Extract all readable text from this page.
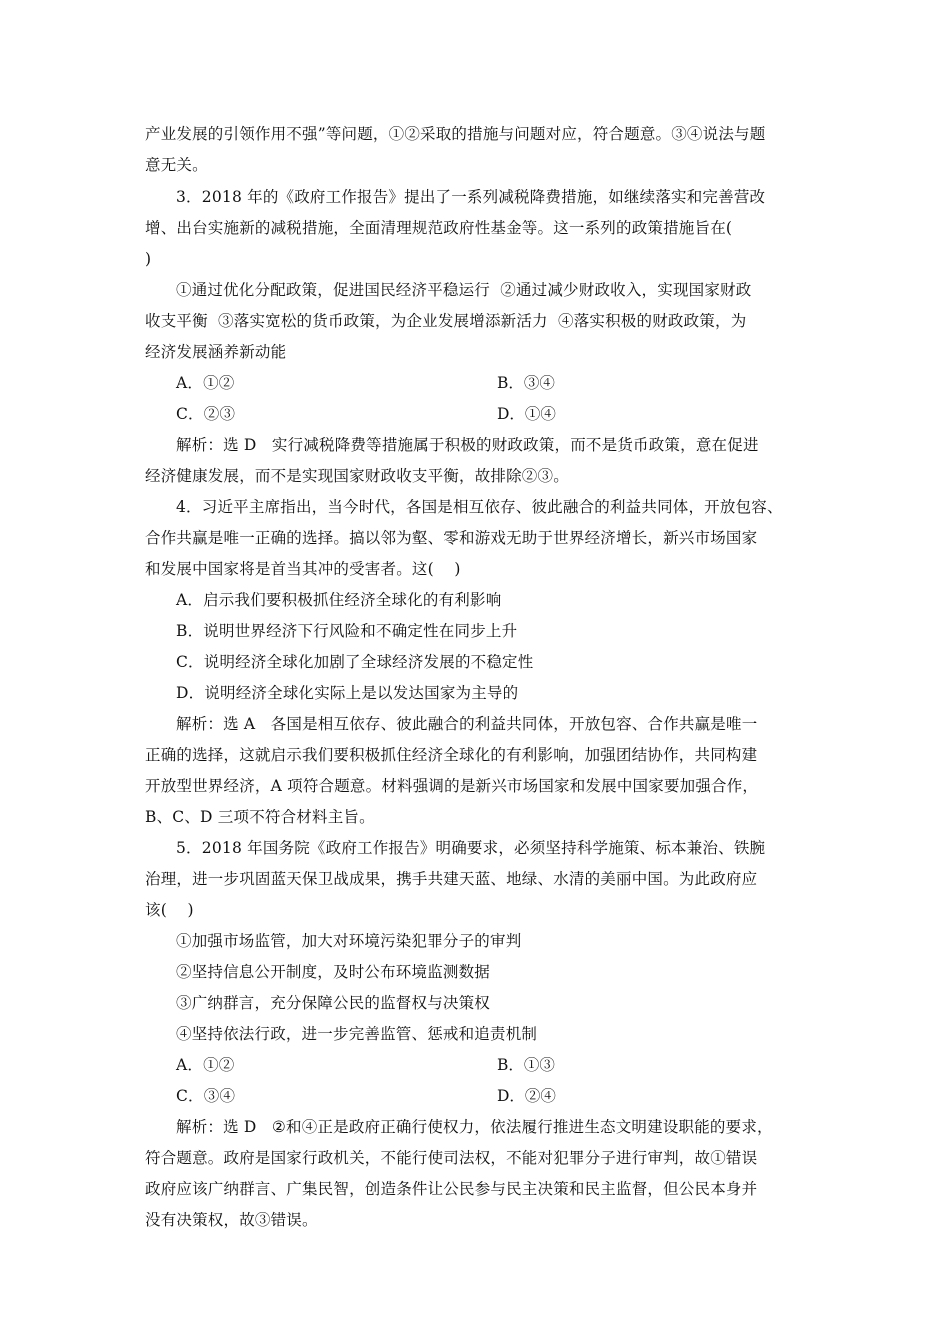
产业发展的引领作用不强”等问题，①②采取的措施与问题对应，符合题意。③④说法与题
意无关。
3．2018 年的《政府工作报告》提出了一系列减税降费措施，如继续落实和完善营改
增、出台实施新的减税措施，全面清理规范政府性基金等。这一系列的政策措施旨在(
)
①通过优化分配政策，促进国民经济平稳运行  ②通过减少财政收入，实现国家财政
收支平衡  ③落实宽松的货币政策，为企业发展增添新活力  ④落实积极的财政政策，为
经济发展涵养新动能
A．①②	B．③④
C．②③	D．①④
解析：选 D   实行减税降费等措施属于积极的财政政策，而不是货币政策，意在促进
经济健康发展，而不是实现国家财政收支平衡，故排除②③。
4．习近平主席指出，当今时代，各国是相互依存、彼此融合的利益共同体，开放包容、
合作共赢是唯一正确的选择。搞以邻为壑、零和游戏无助于世界经济增长，新兴市场国家
和发展中国家将是首当其冲的受害者。这(    )
A．启示我们要积极抓住经济全球化的有利影响
B．说明世界经济下行风险和不确定性在同步上升
C．说明经济全球化加剧了全球经济发展的不稳定性
D．说明经济全球化实际上是以发达国家为主导的
解析：选 A   各国是相互依存、彼此融合的利益共同体，开放包容、合作共赢是唯一
正确的选择，这就启示我们要积极抓住经济全球化的有利影响，加强团结协作，共同构建
开放型世界经济，A 项符合题意。材料强调的是新兴市场国家和发展中国家要加强合作，
B、C、D 三项不符合材料主旨。
5．2018 年国务院《政府工作报告》明确要求，必须坚持科学施策、标本兼治、铁腕
治理，进一步巩固蓝天保卫战成果，携手共建天蓝、地绿、水清的美丽中国。为此政府应
该(    )
①加强市场监管，加大对环境污染犯罪分子的审判
②坚持信息公开制度，及时公布环境监测数据
③广纳群言，充分保障公民的监督权与决策权
④坚持依法行政，进一步完善监管、惩戒和追责机制
A．①②	B．①③
C．③④	D．②④
解析：选 D   ②和④正是政府正确行使权力，依法履行推进生态文明建设职能的要求，
符合题意。政府是国家行政机关，不能行使司法权，不能对犯罪分子进行审判，故①错误
政府应该广纳群言、广集民智，创造条件让公民参与民主决策和民主监督，但公民本身并
没有决策权，故③错误。
